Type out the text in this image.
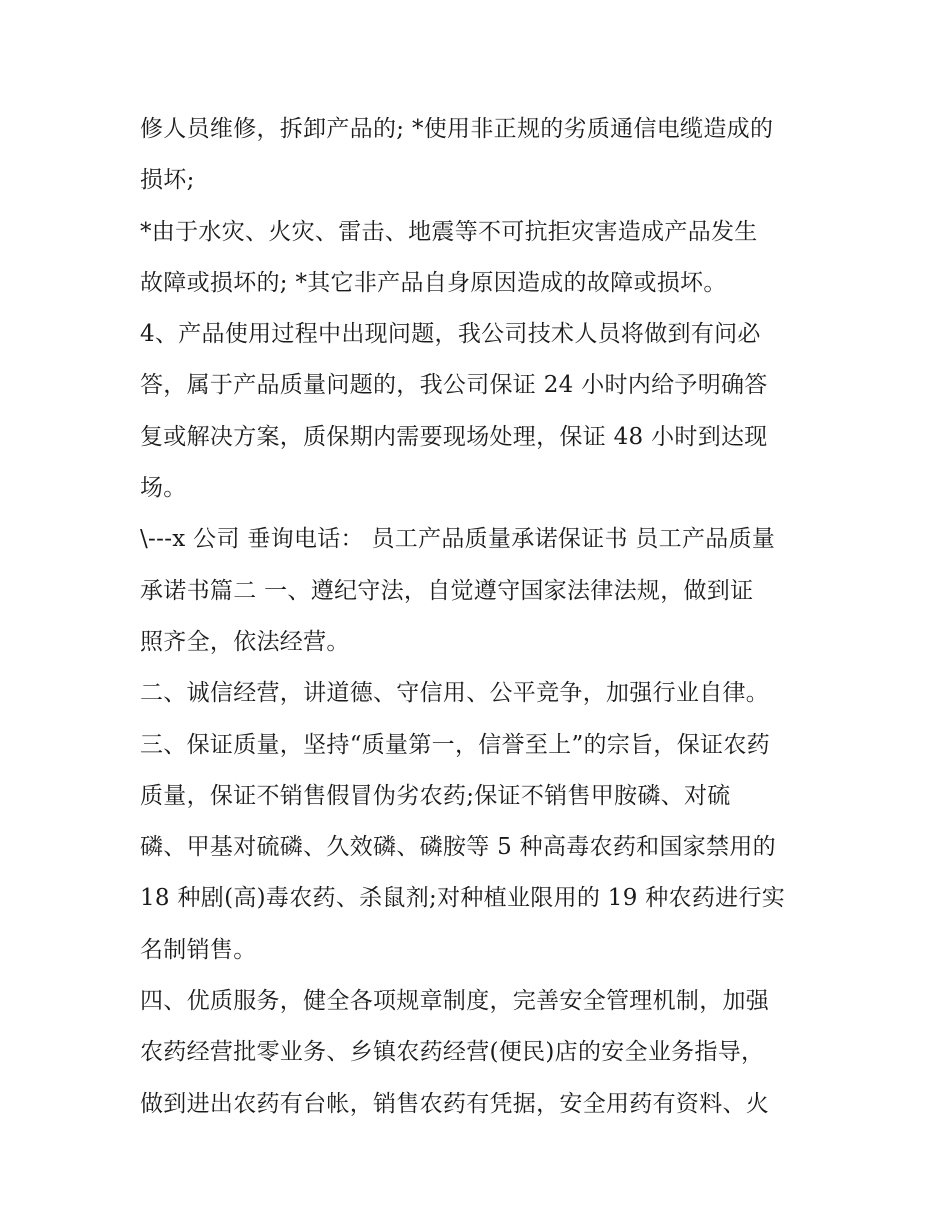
修人员维修，拆卸产品的; *使用非正规的劣质通信电缆造成的
损坏;
*由于水灾、火灾、雷击、地震等不可抗拒灾害造成产品发生
故障或损坏的; *其它非产品自身原因造成的故障或损坏。
4、产品使用过程中出现问题，我公司技术人员将做到有问必
答，属于产品质量问题的，我公司保证 24 小时内给予明确答
复或解决方案，质保期内需要现场处理，保证 48 小时到达现
场。
\---x 公司 垂询电话： 员工产品质量承诺保证书 员工产品质量
承诺书篇二 一、遵纪守法，自觉遵守国家法律法规，做到证
照齐全，依法经营。
二、诚信经营，讲道德、守信用、公平竞争，加强行业自律。
三、保证质量，坚持“质量第一，信誉至上”的宗旨，保证农药
质量，保证不销售假冒伪劣农药;保证不销售甲胺磷、对硫
磷、甲基对硫磷、久效磷、磷胺等 5 种高毒农药和国家禁用的
18 种剧(高)毒农药、杀鼠剂;对种植业限用的 19 种农药进行实
名制销售。
四、优质服务，健全各项规章制度，完善安全管理机制，加强
农药经营批零业务、乡镇农药经营(便民)店的安全业务指导，
做到进出农药有台帐，销售农药有凭据，安全用药有资料、火
